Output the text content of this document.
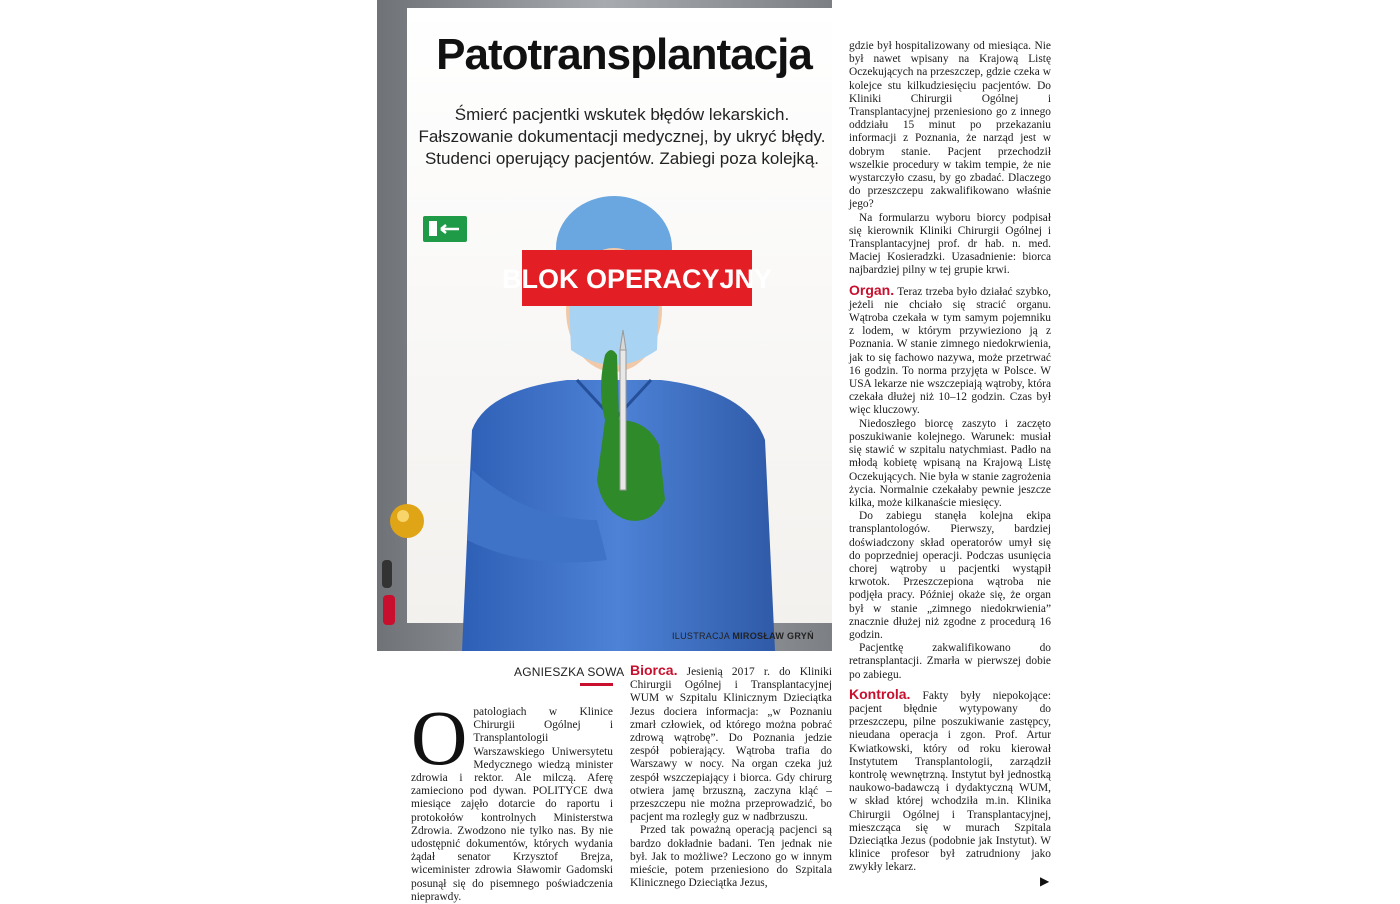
BLOK OPERACYJNY
Patotransplantacja
Śmierć pacjentki wskutek błędów lekarskich.
Fałszowanie dokumentacji medycznej, by ukryć błędy.
Studenci operujący pacjentów. Zabiegi poza kolejką.
ILUSTRACJA MIROSŁAW GRYŃ
AGNIESZKA SOWA

Opatologiach w Klinice Chirurgii Ogólnej i Transplantologii Warszawskiego Uniwersytetu Medycznego wiedzą minister zdrowia i rektor. Ale milczą. Aferę zamieciono pod dywan. POLITYCE dwa miesiące zajęło dotarcie do raportu i protokołów kontrolnych Ministerstwa Zdrowia. Zwodzono nie tylko nas. By nie udostępnić dokumentów, których wydania żądał senator Krzysztof Brejza, wiceminister zdrowia Sławomir Gadomski posunął się do pisemnego poświadczenia nieprawdy.

Biorca. Jesienią 2017 r. do Kliniki Chirurgii Ogólnej i Transplantacyjnej WUM w Szpitalu Klinicznym Dzieciątka Jezus dociera informacja: „w Poznaniu zmarł człowiek, od którego można pobrać zdrową wątrobę”. Do Poznania jedzie zespół pobierający. Wątroba trafia do Warszawy w nocy. Na organ czeka już zespół wszczepiający i biorca. Gdy chirurg otwiera jamę brzuszną, zaczyna kląć – przeszczepu nie można przeprowadzić, bo pacjent ma rozległy guz w nadbrzuszu.

Przed tak poważną operacją pacjenci są bardzo dokładnie badani. Ten jednak nie był. Jak to możliwe? Leczono go w innym mieście, potem przeniesiono do Szpitala Klinicznego Dzieciątka Jezus,

gdzie był hospitalizowany od miesiąca. Nie był nawet wpisany na Krajową Listę Oczekujących na przeszczep, gdzie czeka w kolejce stu kilkudziesięciu pacjentów. Do Kliniki Chirurgii Ogólnej i Transplantacyjnej przeniesiono go z innego oddziału 15 minut po przekazaniu informacji z Poznania, że narząd jest w dobrym stanie. Pacjent przechodził wszelkie procedury w takim tempie, że nie wystarczyło czasu, by go zbadać. Dlaczego do przeszczepu zakwalifikowano właśnie jego?

Na formularzu wyboru biorcy podpisał się kierownik Kliniki Chirurgii Ogólnej i Transplantacyjnej prof. dr hab. n. med. Maciej Kosieradzki. Uzasadnienie: biorca najbardziej pilny w tej grupie krwi.

Organ. Teraz trzeba było działać szybko, jeżeli nie chciało się stracić organu. Wątroba czekała w tym samym pojemniku z lodem, w którym przywieziono ją z Poznania. W stanie zimnego niedokrwienia, jak to się fachowo nazywa, może przetrwać 16 godzin. To norma przyjęta w Polsce. W USA lekarze nie wszczepiają wątroby, która czekała dłużej niż 10–12 godzin. Czas był więc kluczowy.

Niedoszłego biorcę zaszyto i zaczęto poszukiwanie kolejnego. Warunek: musiał się stawić w szpitalu natychmiast. Padło na młodą kobietę wpisaną na Krajową Listę Oczekujących. Nie była w stanie zagrożenia życia. Normalnie czekałaby pewnie jeszcze kilka, może kilkanaście miesięcy.

Do zabiegu stanęła kolejna ekipa transplantologów. Pierwszy, bardziej doświadczony skład operatorów umył się do poprzedniej operacji. Podczas usunięcia chorej wątroby u pacjentki wystąpił krwotok. Przeszczepiona wątroba nie podjęła pracy. Później okaże się, że organ był w stanie „zimnego niedokrwienia” znacznie dłużej niż zgodne z procedurą 16 godzin.

Pacjentkę zakwalifikowano do retransplantacji. Zmarła w pierwszej dobie po zabiegu.

Kontrola. Fakty były niepokojące: pacjent błędnie wytypowany do przeszczepu, pilne poszukiwanie zastępcy, nieudana operacja i zgon. Prof. Artur Kwiatkowski, który od roku kierował Instytutem Transplantologii, zarządził kontrolę wewnętrzną. Instytut był jednostką naukowo-badawczą i dydaktyczną WUM, w skład której wchodziła m.in. Klinika Chirurgii Ogólnej i Transplantacyjnej, mieszcząca się w murach Szpitala Dzieciątka Jezus (podobnie jak Instytut). W klinice profesor był zatrudniony jako zwykły lekarz.

▶
